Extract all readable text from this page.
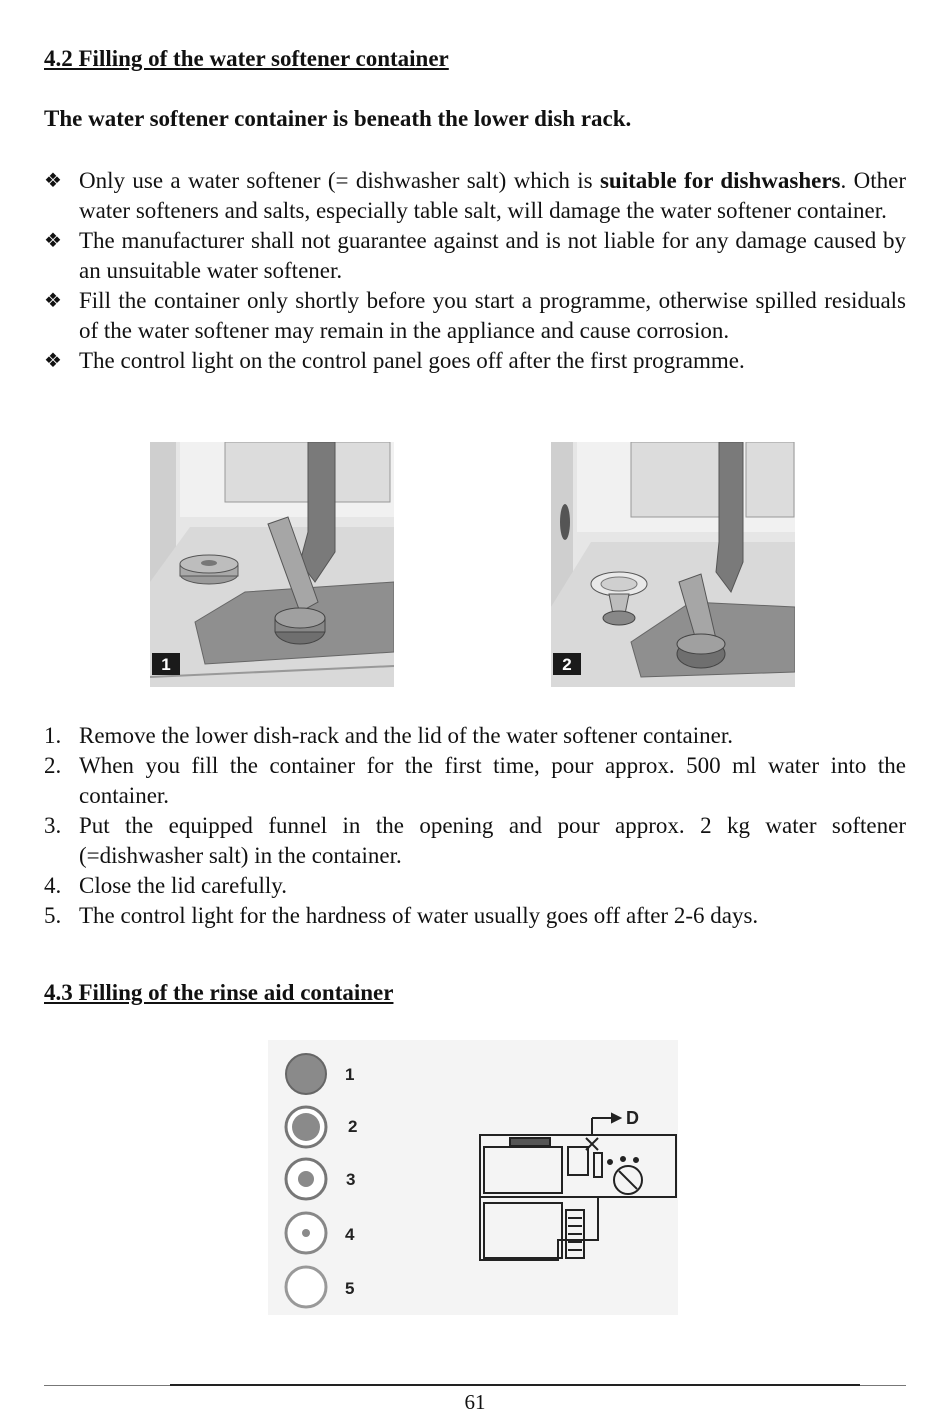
4.2 Filling of the water softener container
The water softener container is beneath the lower dish rack.
❖ Only use a water softener (= dishwasher salt) which is suitable for dishwashers. Other water softeners and salts, especially table salt, will damage the water softener container.
❖ The manufacturer shall not guarantee against and is not liable for any damage caused by an unsuitable water softener.
❖ Fill the container only shortly before you start a programme, otherwise spilled residuals of the water softener may remain in the appliance and cause corrosion.
❖ The control light on the control panel goes off after the first programme.
1	2
1. Remove the lower dish-rack and the lid of the water softener container.
2. When you fill the container for the first time, pour approx. 500 ml water into the container.
3. Put the equipped funnel in the opening and pour approx. 2 kg water softener (=dishwasher salt) in the container.
4. Close the lid carefully.
5. The control light for the hardness of water usually goes off after 2-6 days.
4.3 Filling of the rinse aid container
1
2
3
4
5
D
61
